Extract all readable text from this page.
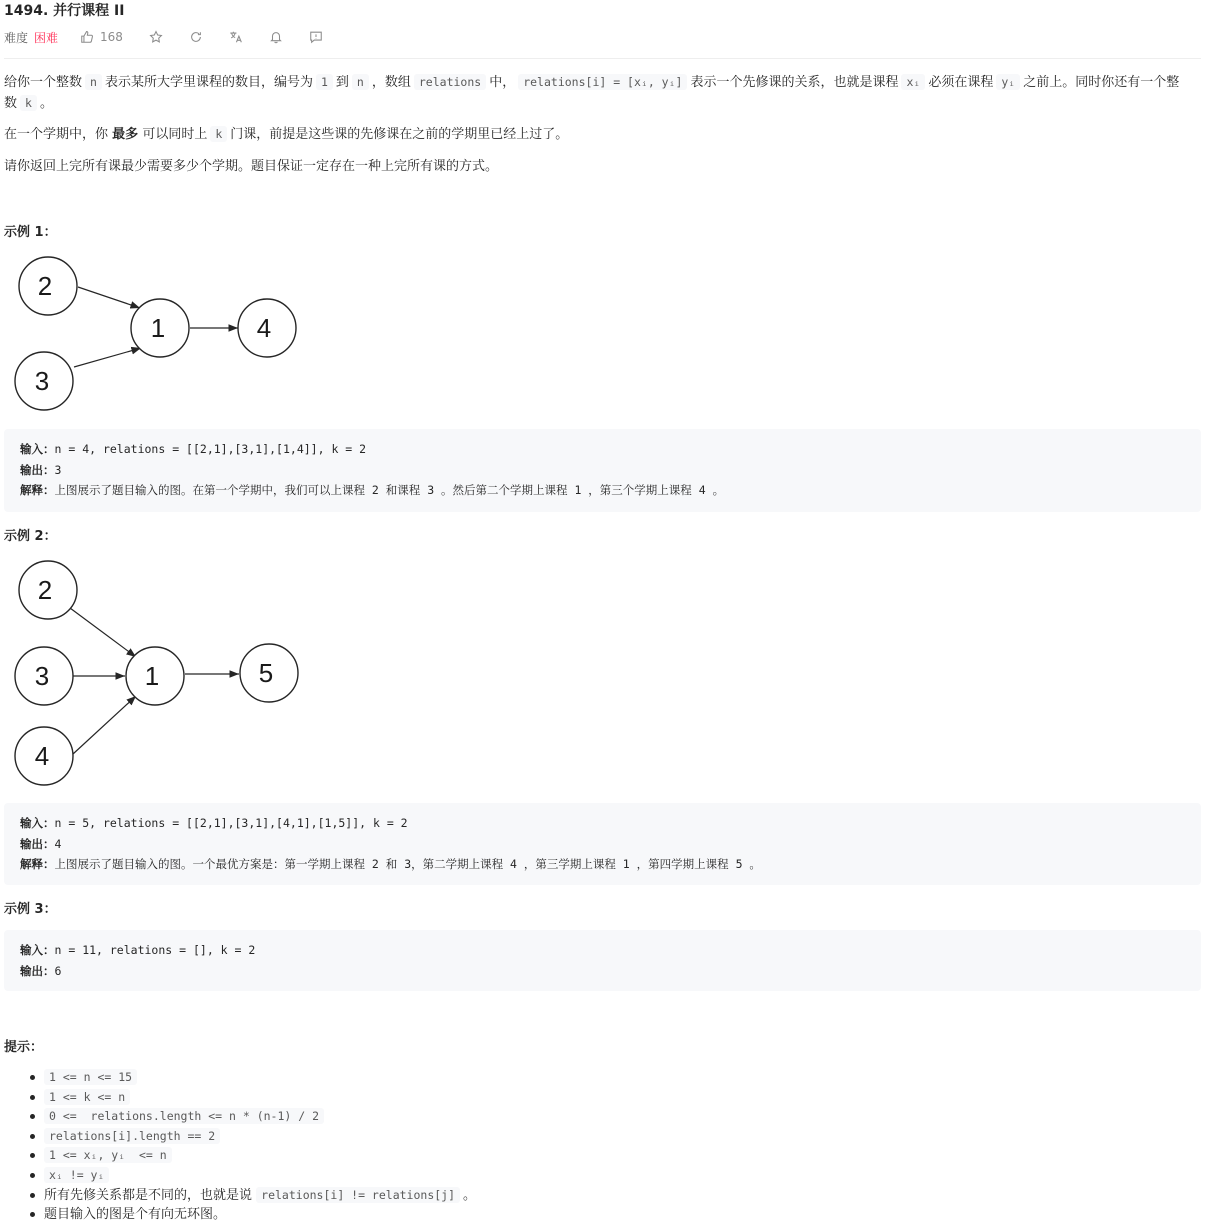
1494. 并行课程 II
难度 困难	168
给你一个整数 n 表示某所大学里课程的数目，编号为 1 到 n ，数组 relations 中， relations[i] = [xᵢ, yᵢ] 表示一个先修课的关系，也就是课程 xᵢ 必须在课程 yᵢ 之前上。同时你还有一个整数 k 。
在一个学期中，你 最多 可以同时上 k 门课，前提是这些课的先修课在之前的学期里已经上过了。
请你返回上完所有课最少需要多少个学期。题目保证一定存在一种上完所有课的方式。
示例 1：
2
3
1	4
输入：n = 4, relations = [[2,1],[3,1],[1,4]], k = 2
输出：3
解释：上图展示了题目输入的图。在第一个学期中，我们可以上课程 2 和课程 3 。然后第二个学期上课程 1 ，第三个学期上课程 4 。
示例 2：
2
3
4
1	5
输入：n = 5, relations = [[2,1],[3,1],[4,1],[1,5]], k = 2
输出：4
解释：上图展示了题目输入的图。一个最优方案是：第一学期上课程 2 和 3，第二学期上课程 4 ，第三学期上课程 1 ，第四学期上课程 5 。
示例 3：
输入：n = 11, relations = [], k = 2
输出：6
提示：
1 <= n <= 15
1 <= k <= n
0 <=  relations.length <= n * (n-1) / 2
relations[i].length == 2
1 <= xᵢ, yᵢ  <= n
xᵢ != yᵢ
所有先修关系都是不同的，也就是说 relations[i] != relations[j] 。
题目输入的图是个有向无环图。
